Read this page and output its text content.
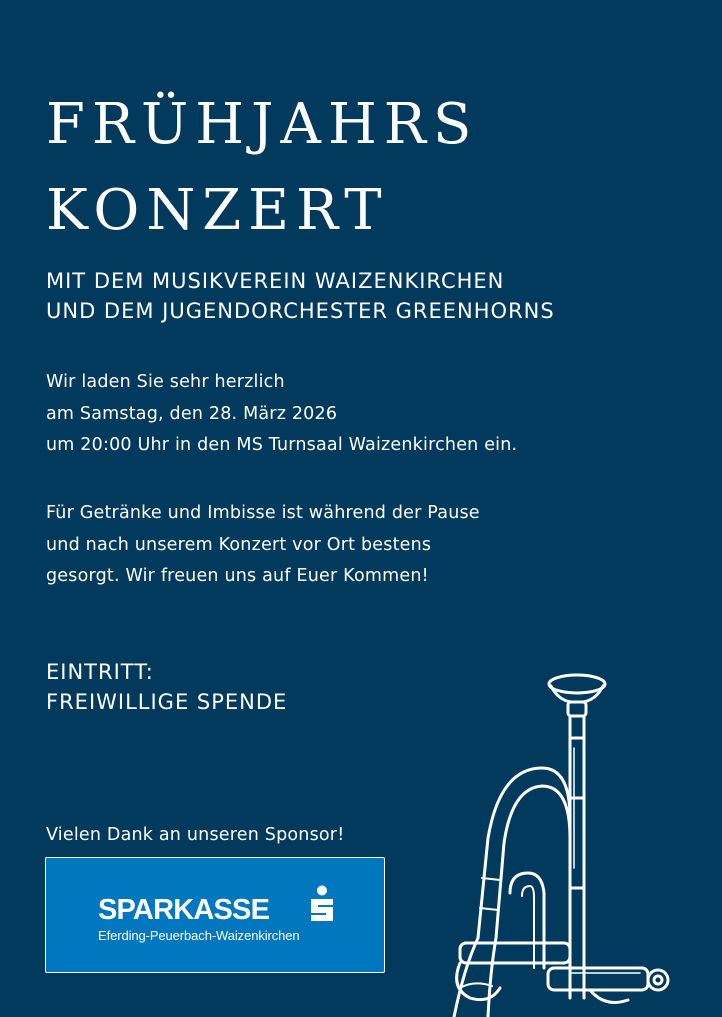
FRÜHJAHRS
KONZERT
MIT DEM MUSIKVEREIN WAIZENKIRCHEN
UND DEM JUGENDORCHESTER GREENHORNS
Wir laden Sie sehr herzlich
am Samstag, den 28. März 2026
um 20:00 Uhr in den MS Turnsaal Waizenkirchen ein.
Für Getränke und Imbisse ist während der Pause
und nach unserem Konzert vor Ort bestens
gesorgt. Wir freuen uns auf Euer Kommen!
EINTRITT:
FREIWILLIGE SPENDE
Vielen Dank an unseren Sponsor!
SPARKASSE
Eferding-Peuerbach-Waizenkirchen
